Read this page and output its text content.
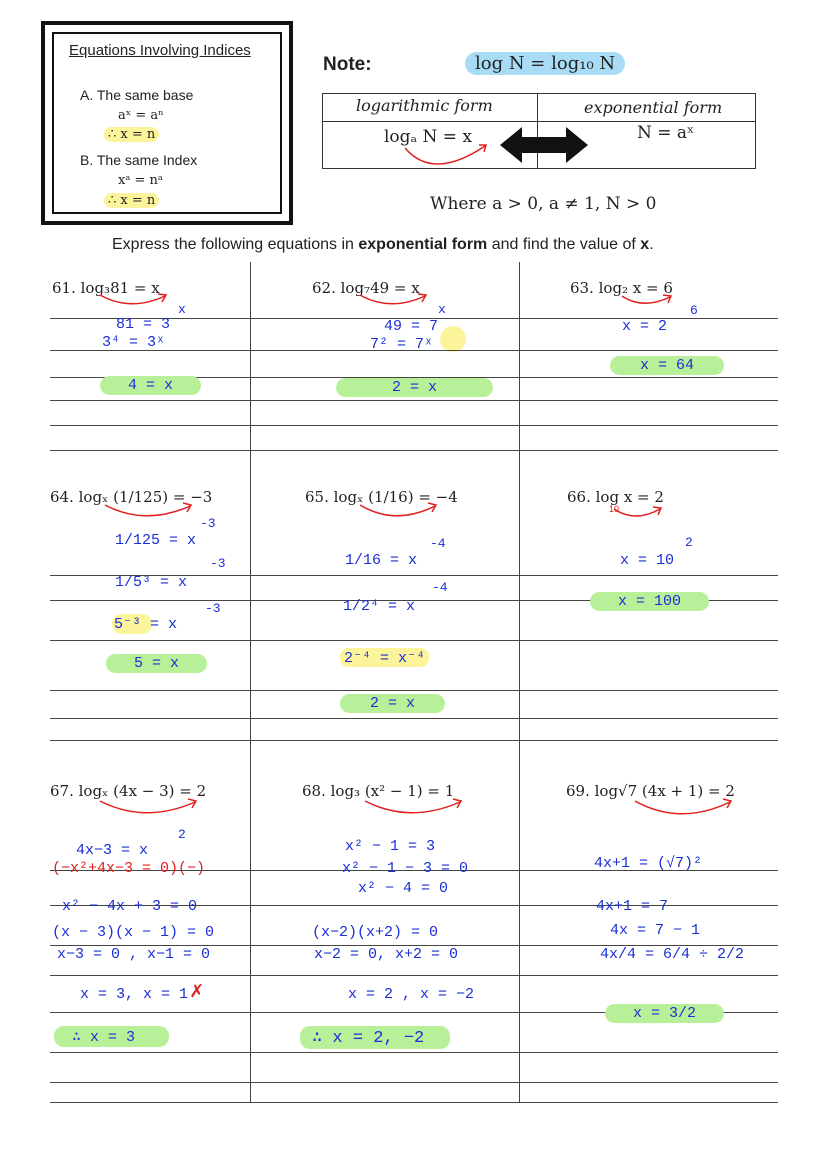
Equations Involving Indices
A. The same base
aˣ = aⁿ
∴ x = n
B. The same Index
xᵃ = nᵃ
∴ x = n
Note:	log N = log₁₀ N
logarithmic form	exponential form
logₐ N = x	N = aˣ
Where a > 0, a ≠ 1, N > 0
Express the following equations in exponential form and find the value of x.
61. log₃81 = x
x
81 = 3
3⁴ = 3ˣ
4 = x
62. log₇49 = x
x
49 = 7
7² = 7ˣ
2 = x
63. log₂ x = 6
6
x = 2
x = 64
64. logₓ (1/125) = −3
-3
1/125 = x
-3
1/5³ = x
-3
5⁻³ = x
5 = x
65. logₓ (1/16) = −4
-4
1/16 = x
-4
1/2⁴ = x
2⁻⁴ = x⁻⁴
2 = x
66. log x = 2
10
2
x = 10
x = 100
67. logₓ (4x − 3) = 2
2
4x−3 = x
(−x²+4x−3 = 0)(−)
x² − 4x + 3 = 0
(x − 3)(x − 1) = 0
x−3 = 0 , x−1 = 0
x = 3, x = 1 ✗
∴ x = 3
68. log₃ (x² − 1) = 1
x² − 1 = 3
x² − 1 − 3 = 0
x² − 4 = 0
(x−2)(x+2) = 0
x−2 = 0, x+2 = 0
x = 2 , x = −2
∴ x = 2, −2
69. log√7 (4x + 1) = 2
4x+1 = (√7)²
4x+1 = 7
4x = 7 − 1
4x/4 = 6/4 ÷ 2/2
x = 3/2
